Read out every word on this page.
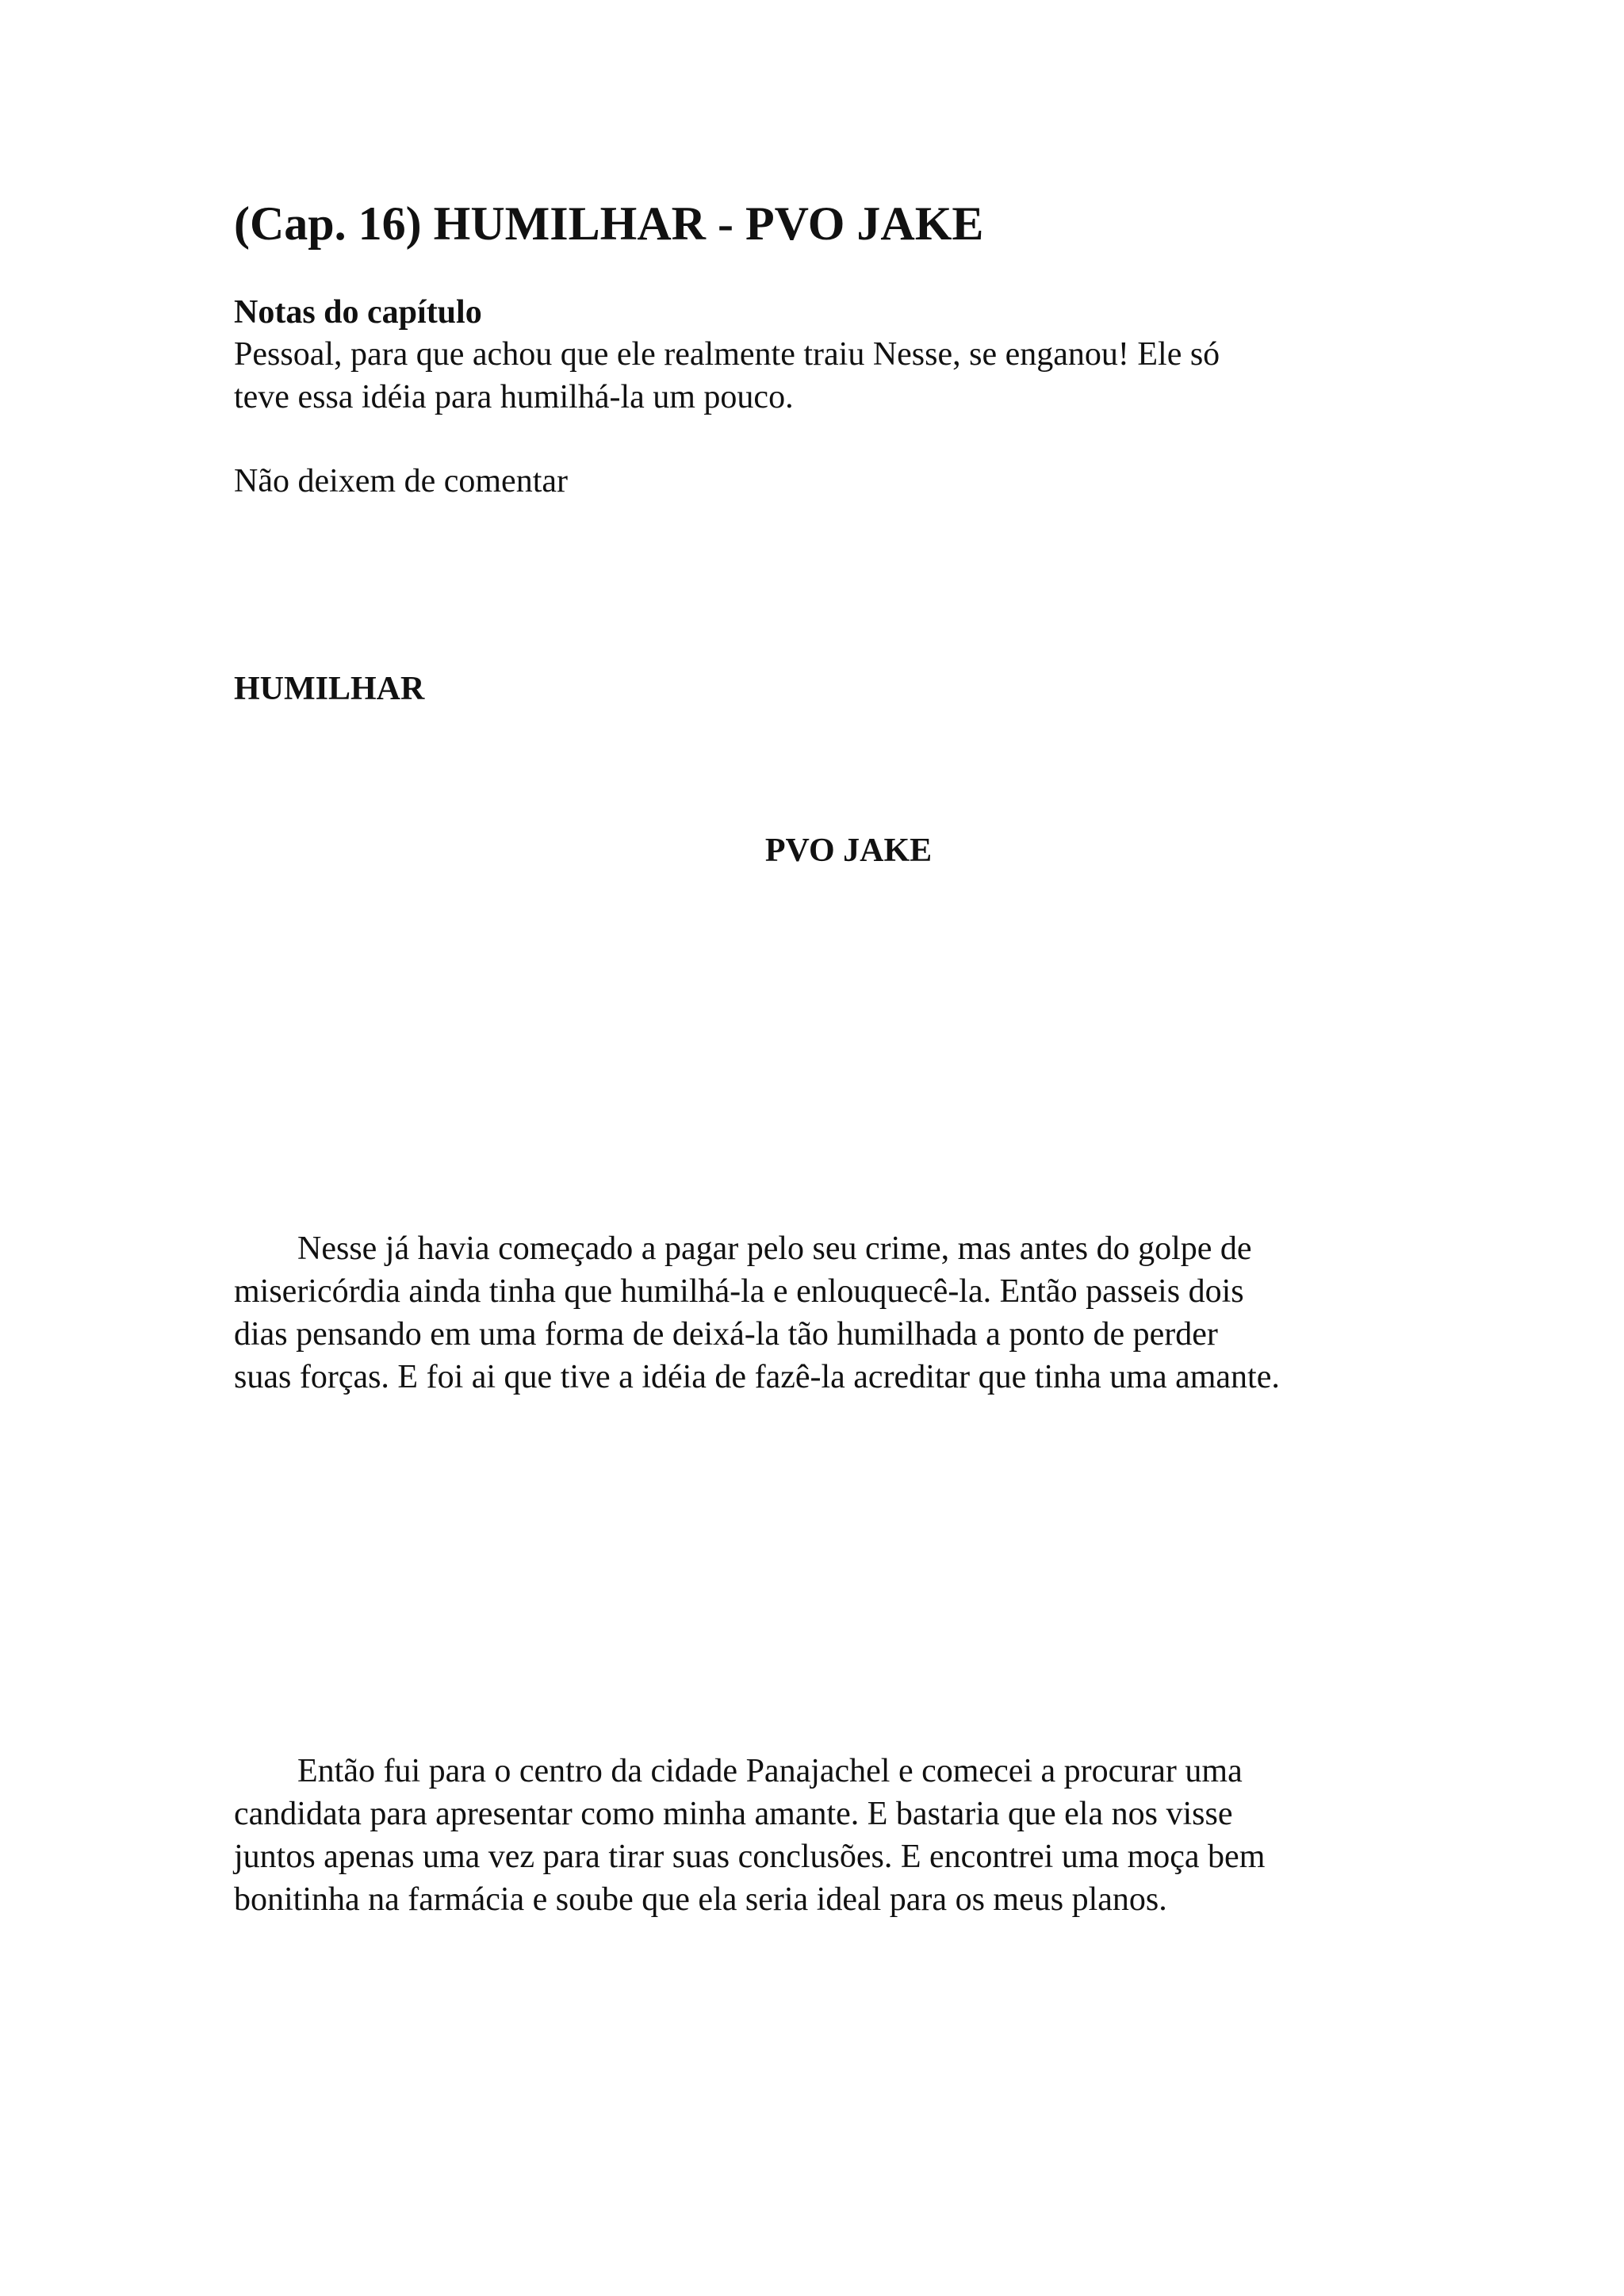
(Cap. 16) HUMILHAR - PVO JAKE
Notas do capítulo

Pessoal, para que achou que ele realmente traiu Nesse, se enganou! Ele só
teve essa idéia para humilhá-la um pouco.

Não deixem de comentar

HUMILHAR
PVO JAKE

Nesse já havia começado a pagar pelo seu crime, mas antes do golpe de
misericórdia ainda tinha que humilhá-la e enlouquecê-la. Então passeis dois
dias pensando em uma forma de deixá-la tão humilhada a ponto de perder
suas forças. E foi ai que tive a idéia de fazê-la acreditar que tinha uma amante.

Então fui para o centro da cidade Panajachel e comecei a procurar uma
candidata para apresentar como minha amante. E bastaria que ela nos visse
juntos apenas uma vez para tirar suas conclusões. E encontrei uma moça bem
bonitinha na farmácia e soube que ela seria ideal para os meus planos.
